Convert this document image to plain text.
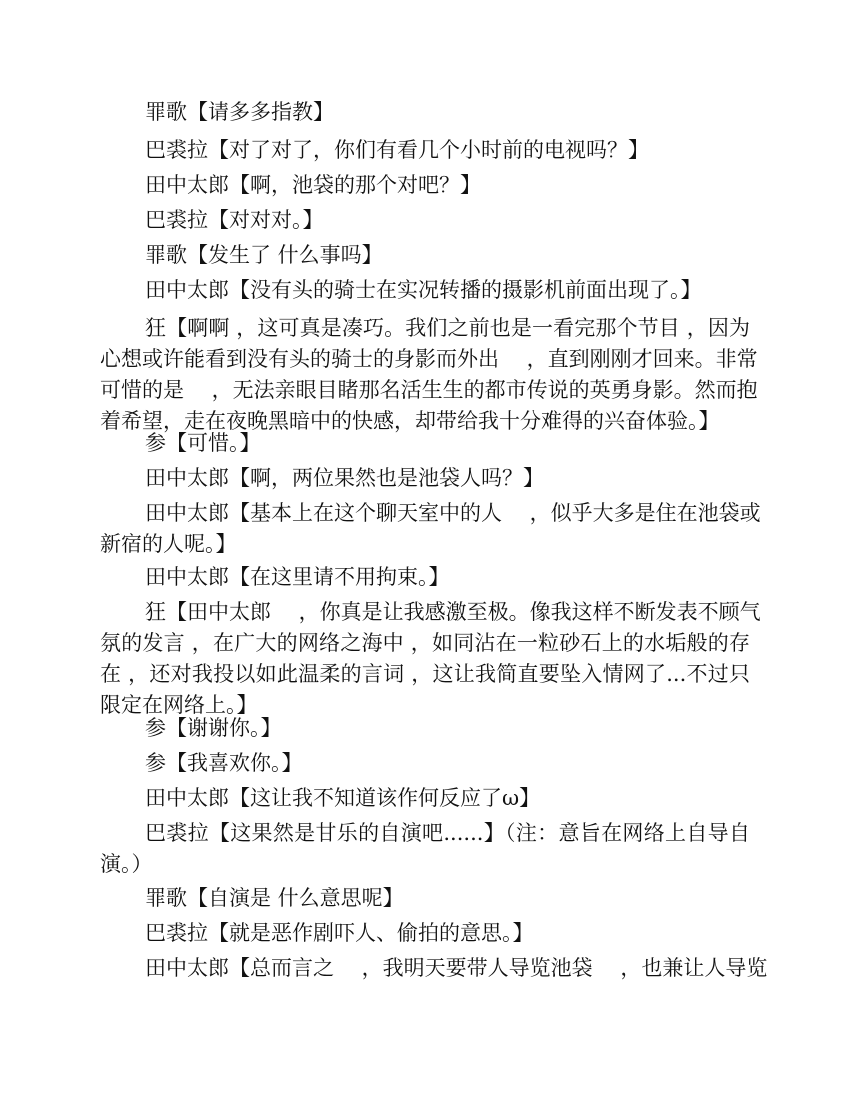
罪歌【请多多指教】
巴裘拉【对了对了，你们有看几个小时前的电视吗？】
田中太郎【啊，池袋的那个对吧？】
巴裘拉【对对对。】
罪歌【发生了 什么事吗】
田中太郎【没有头的骑士在实况转播的摄影机前面出现了。】
狂【啊啊 ，这可真是凑巧。我们之前也是一看完那个节目 ，因为
心想或许能看到没有头的骑士的身影而外出　 ，直到刚刚才回来。非常
可惜的是　 ，无法亲眼目睹那名活生生的都市传说的英勇身影。然而抱
着希望，走在夜晚黑暗中的快感，却带给我十分难得的兴奋体验。】
参【可惜。】
田中太郎【啊，两位果然也是池袋人吗？】
田中太郎【基本上在这个聊天室中的人　 ，似乎大多是住在池袋或
新宿的人呢。】
田中太郎【在这里请不用拘束。】
狂【田中太郎　 ，你真是让我感激至极。像我这样不断发表不顾气
氛的发言 ，在广大的网络之海中 ，如同沾在一粒砂石上的水垢般的存
在 ，还对我投以如此温柔的言词 ，这让我简直要坠入情网了...不过只
限定在网络上。】
参【谢谢你。】
参【我喜欢你。】
田中太郎【这让我不知道该作何反应了ω】
巴裘拉【这果然是甘乐的自演吧......】（注：意旨在网络上自导自
演。）
罪歌【自演是 什么意思呢】
巴裘拉【就是恶作剧吓人、偷拍的意思。】
田中太郎【总而言之　 ，我明天要带人导览池袋　 ，也兼让人导览
